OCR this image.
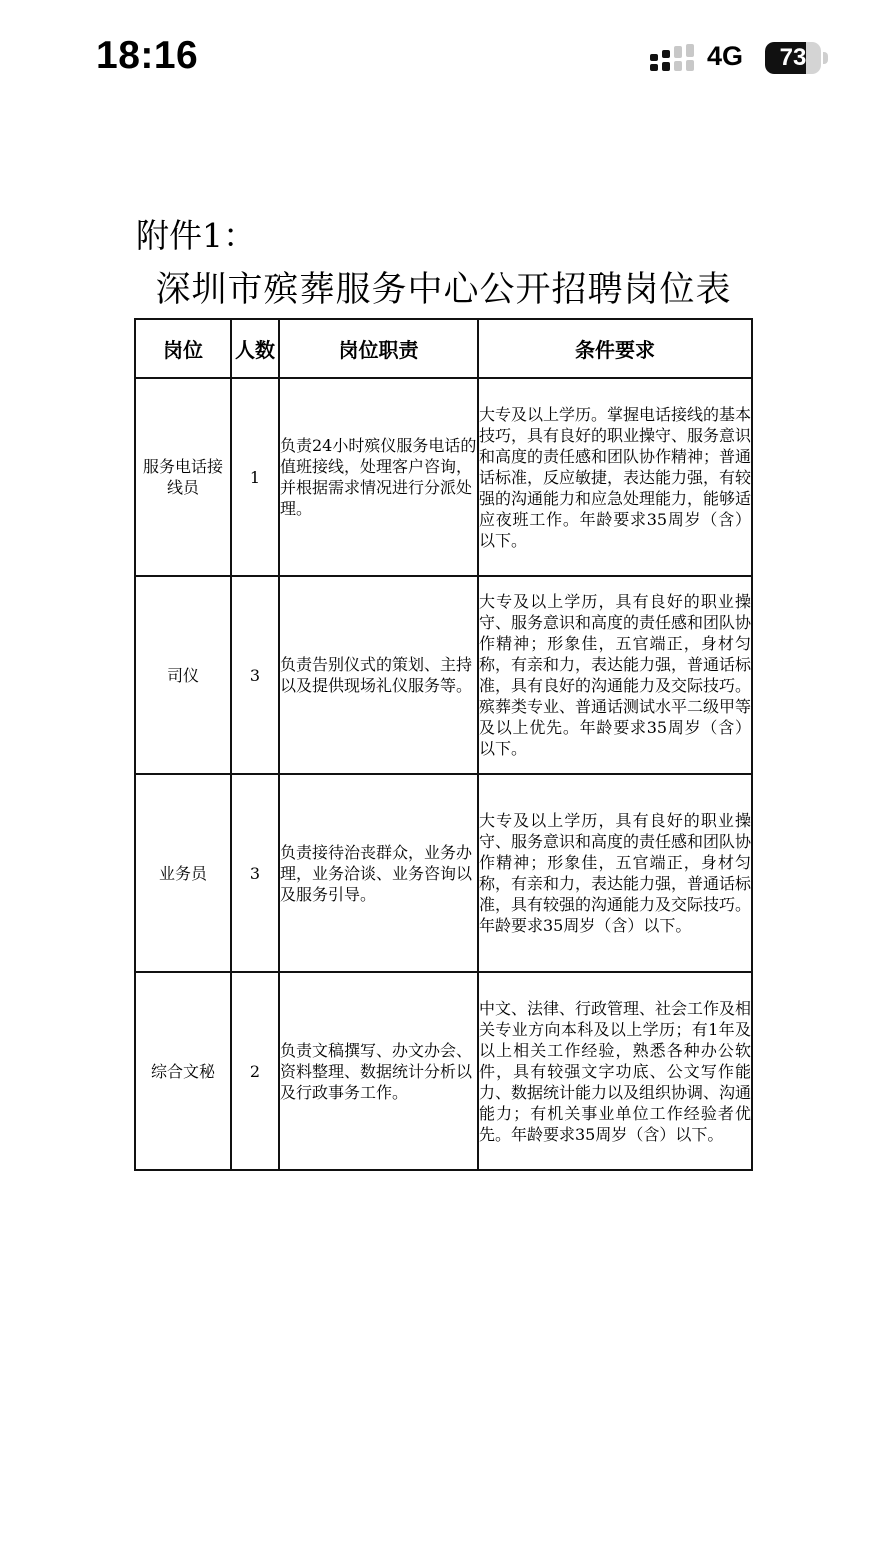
18:16	4G	73
附件1：
深圳市殡葬服务中心公开招聘岗位表
岗位	人数	岗位职责	条件要求
服务电话接线员	1	负责24小时殡仪服务电话的值班接线，处理客户咨询，并根据需求情况进行分派处理。	大专及以上学历。掌握电话接线的基本技巧，具有良好的职业操守、服务意识和高度的责任感和团队协作精神；普通话标准，反应敏捷，表达能力强，有较强的沟通能力和应急处理能力，能够适应夜班工作。年龄要求35周岁（含）以下。
司仪	3	负责告别仪式的策划、主持以及提供现场礼仪服务等。	大专及以上学历，具有良好的职业操守、服务意识和高度的责任感和团队协作精神；形象佳，五官端正，身材匀称，有亲和力，表达能力强，普通话标准，具有良好的沟通能力及交际技巧。殡葬类专业、普通话测试水平二级甲等及以上优先。年龄要求35周岁（含）以下。
业务员	3	负责接待治丧群众，业务办理，业务洽谈、业务咨询以及服务引导。	大专及以上学历，具有良好的职业操守、服务意识和高度的责任感和团队协作精神；形象佳，五官端正，身材匀称，有亲和力，表达能力强，普通话标准，具有较强的沟通能力及交际技巧。年龄要求35周岁（含）以下。
综合文秘	2	负责文稿撰写、办文办会、资料整理、数据统计分析以及行政事务工作。	中文、法律、行政管理、社会工作及相关专业方向本科及以上学历；有1年及以上相关工作经验，熟悉各种办公软件，具有较强文字功底、公文写作能力、数据统计能力以及组织协调、沟通能力；有机关事业单位工作经验者优先。年龄要求35周岁（含）以下。
